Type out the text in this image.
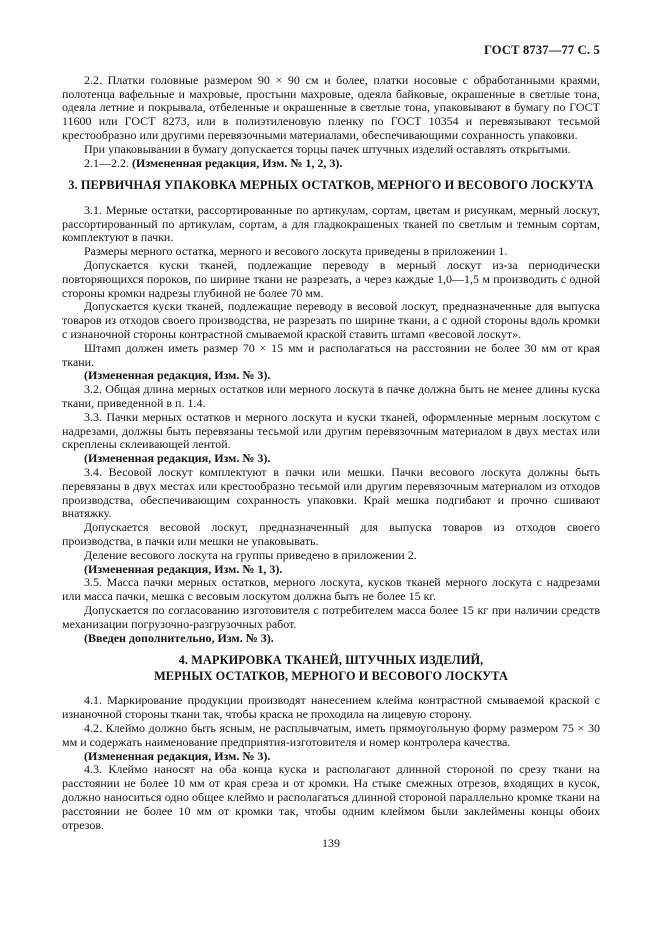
ГОСТ 8737—77 С. 5

2.2. Платки головные размером 90 × 90 см и более, платки носовые с обработанными краями, полотенца вафельные и махровые, простыни махровые, одеяла байковые, окрашенные в светлые тона, одеяла летние и покрывала, отбеленные и окрашенные в светлые тона, упаковывают в бумагу по ГОСТ 11600 или ГОСТ 8273, или в полиэтиленовую пленку по ГОСТ 10354 и перевязывают тесьмой крестообразно или другими перевязочными материалами, обеспечивающими сохранность упаковки.

При упаковывании в бумагу допускается торцы пачек штучных изделий оставлять открытыми.

2.1—2.2. (Измененная редакция, Изм. № 1, 2, 3).

3. ПЕРВИЧНАЯ УПАКОВКА МЕРНЫХ ОСТАТКОВ, МЕРНОГО И ВЕСОВОГО ЛОСКУТА

3.1. Мерные остатки, рассортированные по артикулам, сортам, цветам и рисункам, мерный лоскут, рассортированный по артикулам, сортам, а для гладкокрашеных тканей по светлым и темным сортам, комплектуют в пачки.

Размеры мерного остатка, мерного и весового лоскута приведены в приложении 1.

Допускается куски тканей, подлежащие переводу в мерный лоскут из-за периодически повторяющихся пороков, по ширине ткани не разрезать, а через каждые 1,0—1,5 м производить с одной стороны кромки надрезы глубиной не более 70 мм.

Допускается куски тканей, подлежащие переводу в весовой лоскут, предназначенные для выпуска товаров из отходов своего производства, не разрезать по ширине ткани, а с одной стороны вдоль кромки с изнаночной стороны контрастной смываемой краской ставить штамп «весовой лоскут».

Штамп должен иметь размер 70 × 15 мм и располагаться на расстоянии не более 30 мм от края ткани.

(Измененная редакция, Изм. № 3).

3.2. Общая длина мерных остатков или мерного лоскута в пачке должна быть не менее длины куска ткани, приведенной в п. 1.4.

3.3. Пачки мерных остатков и мерного лоскута и куски тканей, оформленные мерным лоскутом с надрезами, должны быть перевязаны тесьмой или другим перевязочным материалом в двух местах или скреплены склеивающей лентой.

(Измененная редакция, Изм. № 3).

3.4. Весовой лоскут комплектуют в пачки или мешки. Пачки весового лоскута должны быть перевязаны в двух местах или крестообразно тесьмой или другим перевязочным материалом из отходов производства, обеспечивающим сохранность упаковки. Край мешка подгибают и прочно сшивают внатяжку.

Допускается весовой лоскут, предназначенный для выпуска товаров из отходов своего производства, в пачки или мешки не упаковывать.

Деление весового лоскута на группы приведено в приложении 2.

(Измененная редакция, Изм. № 1, 3).

3.5. Масса пачки мерных остатков, мерного лоскута, кусков тканей мерного лоскута с надрезами или масса пачки, мешка с весовым лоскутом должна быть не более 15 кг.

Допускается по согласованию изготовителя с потребителем масса более 15 кг при наличии средств механизации погрузочно-разгрузочных работ.

(Введен дополнительно, Изм. № 3).

4. МАРКИРОВКА ТКАНЕЙ, ШТУЧНЫХ ИЗДЕЛИЙ,
МЕРНЫХ ОСТАТКОВ, МЕРНОГО И ВЕСОВОГО ЛОСКУТА

4.1. Маркирование продукции производят нанесением клейма контрастной смываемой краской с изнаночной стороны ткани так, чтобы краска не проходила на лицевую сторону.

4.2. Клеймо должно быть ясным, не расплывчатым, иметь прямоугольную форму размером 75 × 30 мм и содержать наименование предприятия-изготовителя и номер контролера качества.

(Измененная редакция, Изм. № 3).

4.3. Клеймо наносят на оба конца куска и располагают длинной стороной по срезу ткани на расстоянии не более 10 мм от края среза и от кромки. На стыке смежных отрезов, входящих в кусок, должно наноситься одно общее клеймо и располагаться длинной стороной параллельно кромке ткани на расстоянии не более 10 мм от кромки так, чтобы одним клеймом были заклеймены концы обоих отрезов.

139
